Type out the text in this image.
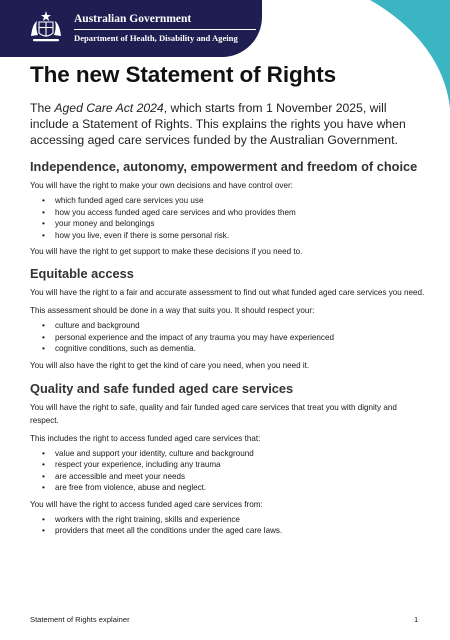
Australian Government
Department of Health, Disability and Ageing
The new Statement of Rights

The Aged Care Act 2024, which starts from 1 November 2025, will include a Statement of Rights. This explains the rights you have when accessing aged care services funded by the Australian Government.

Independence, autonomy, empowerment and freedom of choice

You will have the right to make your own decisions and have control over:

• which funded aged care services you use
• how you access funded aged care services and who provides them
• your money and belongings
• how you live, even if there is some personal risk.

You will have the right to get support to make these decisions if you need to.

Equitable access

You will have the right to a fair and accurate assessment to find out what funded aged care services you need.

This assessment should be done in a way that suits you. It should respect your:

• culture and background
• personal experience and the impact of any trauma you may have experienced
• cognitive conditions, such as dementia.

You will also have the right to get the kind of care you need, when you need it.

Quality and safe funded aged care services

You will have the right to safe, quality and fair funded aged care services that treat you with dignity and respect.

This includes the right to access funded aged care services that:

• value and support your identity, culture and background
• respect your experience, including any trauma
• are accessible and meet your needs
• are free from violence, abuse and neglect.

You will have the right to access funded aged care services from:

• workers with the right training, skills and experience
• providers that meet all the conditions under the aged care laws.
Statement of Rights explainer	1
